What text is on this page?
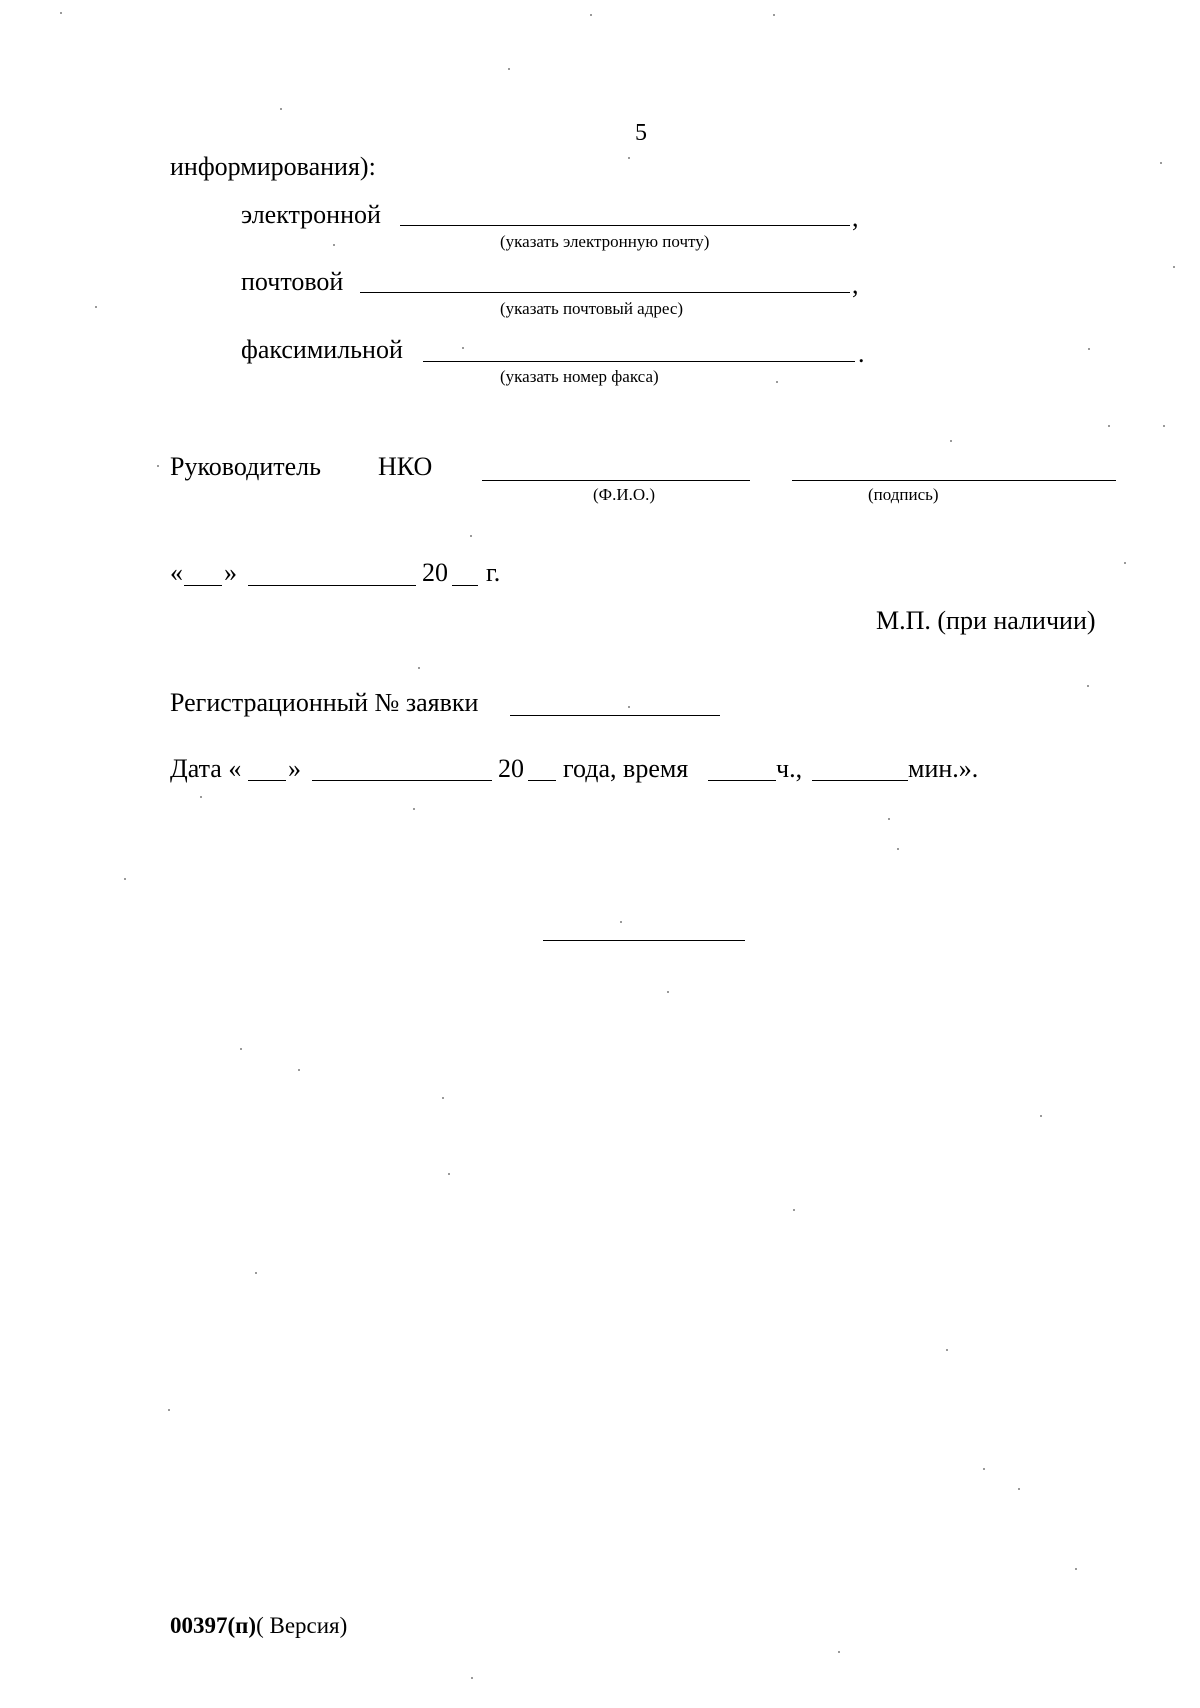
5
информирования):
электронной	,
(указать электронную почту)
почтовой	,
(указать почтовый адрес)
факсимильной	.
(указать номер факса)
Руководитель НКО
(Ф.И.О.)	(подпись)
« »	20 г.
М.П. (при наличии)
Регистрационный № заявки
Дата « »	20 года, время	ч.,	мин.».
00397(п)( Версия)
